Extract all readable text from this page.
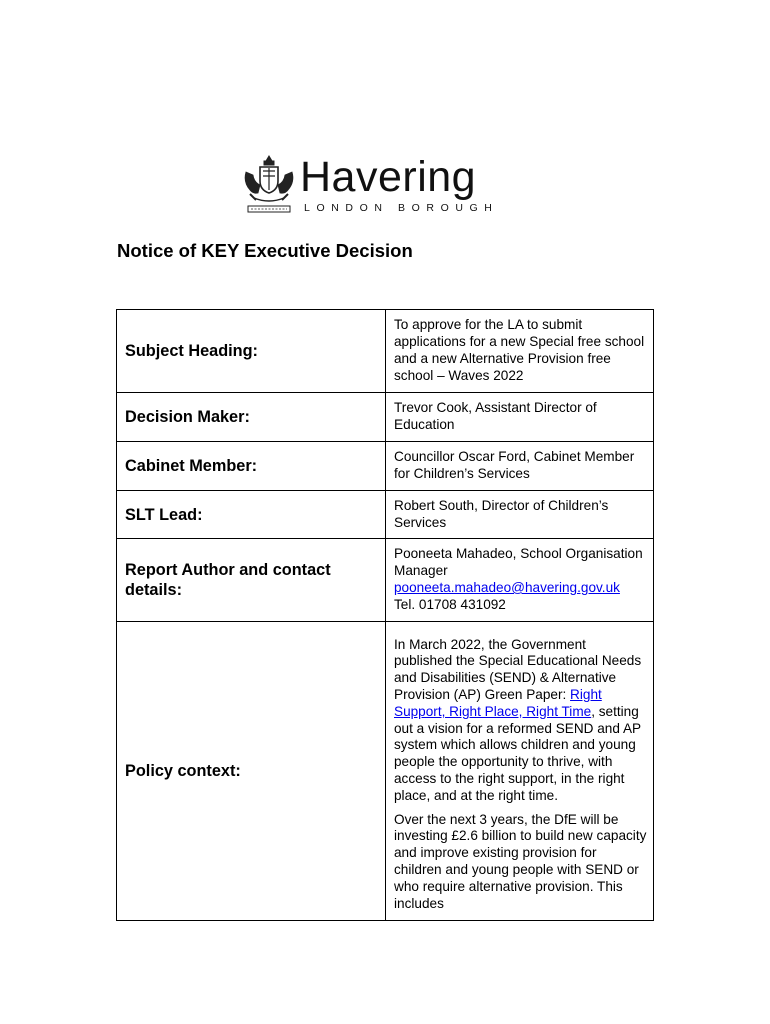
Havering
LONDON BOROUGH
Notice of KEY Executive Decision
Subject Heading:	To approve for the LA to submit applications for a new Special free school and a new Alternative Provision free school – Waves 2022
Decision Maker:	Trevor Cook, Assistant Director of Education
Cabinet Member:	Councillor Oscar Ford, Cabinet Member for Children’s Services
SLT Lead:	Robert South, Director of Children’s Services
Report Author and contact details:	Pooneeta Mahadeo, School Organisation Manager
pooneeta.mahadeo@havering.gov.uk
Tel. 01708 431092

Policy context:	In March 2022, the Government published the Special Educational Needs and Disabilities (SEND) & Alternative Provision (AP) Green Paper: Right Support, Right Place, Right Time, setting out a vision for a reformed SEND and AP system which allows children and young people the opportunity to thrive, with access to the right support, in the right place, and at the right time.

Over the next 3 years, the DfE will be investing £2.6 billion to build new capacity and improve existing provision for children and young people with SEND or who require alternative provision. This includes
